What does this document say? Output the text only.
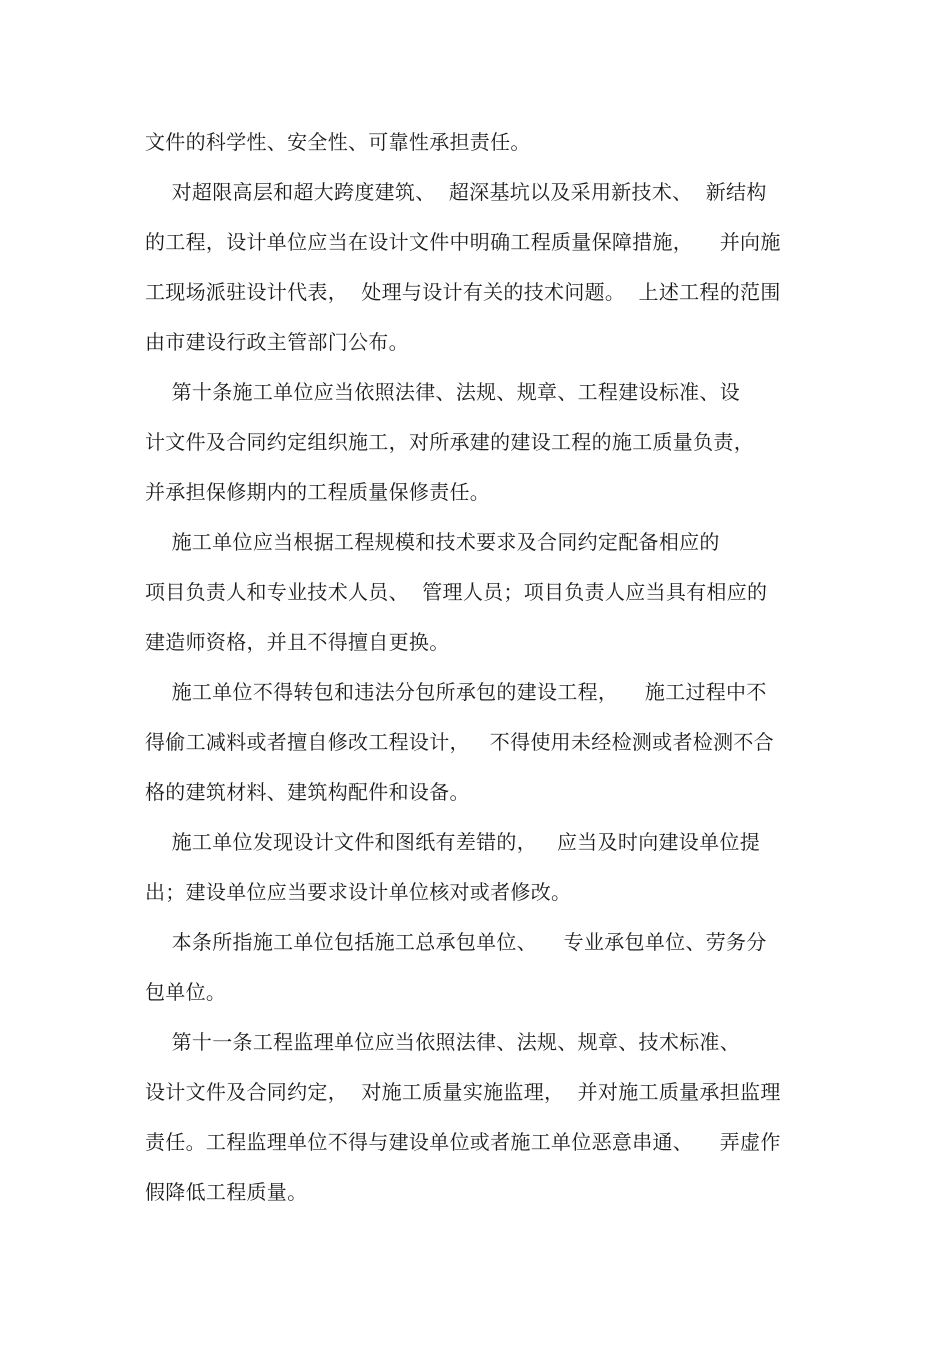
文件的科学性、安全性、可靠性承担责任。
对超限高层和超大跨度建筑、  超深基坑以及采用新技术、  新结构
的工程，设计单位应当在设计文件中明确工程质量保障措施，    并向施
工现场派驻设计代表，  处理与设计有关的技术问题。  上述工程的范围
由市建设行政主管部门公布。
第十条施工单位应当依照法律、法规、规章、工程建设标准、设
计文件及合同约定组织施工，对所承建的建设工程的施工质量负责，
并承担保修期内的工程质量保修责任。
施工单位应当根据工程规模和技术要求及合同约定配备相应的
项目负责人和专业技术人员、  管理人员；项目负责人应当具有相应的
建造师资格，并且不得擅自更换。
施工单位不得转包和违法分包所承包的建设工程，    施工过程中不
得偷工减料或者擅自修改工程设计，   不得使用未经检测或者检测不合
格的建筑材料、建筑构配件和设备。
施工单位发现设计文件和图纸有差错的，   应当及时向建设单位提
出；建设单位应当要求设计单位核对或者修改。
本条所指施工单位包括施工总承包单位、    专业承包单位、劳务分
包单位。
第十一条工程监理单位应当依照法律、法规、规章、技术标准、
设计文件及合同约定，  对施工质量实施监理，  并对施工质量承担监理
责任。工程监理单位不得与建设单位或者施工单位恶意串通、    弄虚作
假降低工程质量。
